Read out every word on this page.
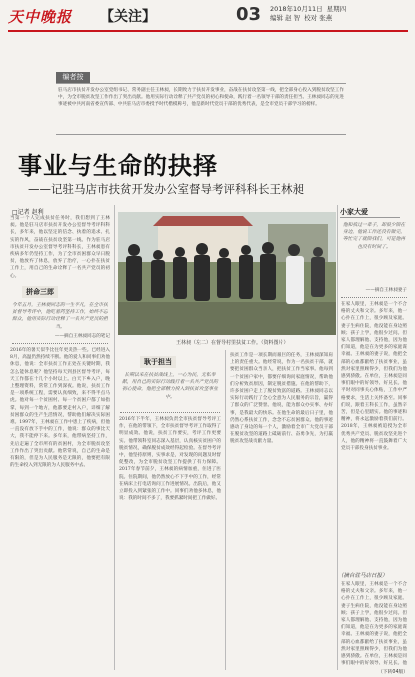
天中晚报 【关注】	03 2018年10月11日 星期四
编辑 赵 智 校对 张燕
编者按
驻马店市扶贫开发办公室党组书记、常务副主任王林昶，长期致力于扶贫开发事业，奋战在扶贫攻坚第一线，把全部身心投入到脱贫攻坚工作中，为全市脱贫攻坚工作作出了突出贡献。他用实际行动诠释了共产党员的初心和使命，践行着一名领导干部的责任担当。王林昶同志的先进事迹被中共河南省委宣传部、中共驻马店市委授予时代楷模称号，他是新时代党员干部的优秀代表，是全市党员干部学习的榜样。
事业与生命的抉择
——记驻马店市扶贫开发办公室督导考评科科长王林昶
□记者 赵利	小家大爱
当第一个人完成扶贫任务时，我们想到了王林昶。他是驻马店市扶贫开发办公室督导考评科科长，多年来，他以坚定的信念、执着的追求、扎实的作风，奋战在扶贫攻坚第一线。作为驻马店市扶贫开发办公室督导考评科科长，王林昶患有疾病多年仍坚持工作，为了全市贫困群众早日脱贫，他放弃了休息，放弃了治疗，一心扑在扶贫工作上，用自己的生命诠释了一名共产党员的初心。
拼命三郎
今年五月，王林昶同志的一生平凡，在全市扶贫督导考评中，他吃着药坚持工作，始终不忘群众，他用实际行动诠释了一名共产党员的担当。
——摘自王林昶同志的笔记
2016年的暑天似乎比往年更炎热一些。已经进入8月，高温仍然持续不断。他的爱人和同事们劝他休息，他说：全市扶贫工作正处在关键时期，我怎么能休息呢？他坚持每天到县区督导考评，每天工作都在十几个小时以上。白天下乡入户，晚上整理资料，常常工作到深夜。他说，扶贫工作是一项系统工程，需要认真细致，来不得半点马虎。他对每一个贫困村、每一个贫困户都了如指掌，每到一个地方，他都要走村入户，详细了解贫困群众的生产生活情况，帮助他们解决实际困难。1997年，王林昶在工作中患上了疾病，但他一直没有放下手中的工作，他说：群众的事比天大，我不能停下来。多年来，他带病坚持工作，先后走遍了全市所有的贫困村，为全市脱贫攻坚工作作出了突出贡献。他常常说，自己的生命是有限的，但是为人民服务是无限的，他要把有限的生命投入到无限的为人民服务中去。
王林昶（左二）在督导村里扶贫工作。（资料图片）
耿于担当
长期以来在扶贫战线上，一心为民，无私奉献，用自己的实际行动践行着一名共产党员的初心使命，他把全部精力投入到扶贫攻坚事业中。
2016年下半年，王林昶负责全市扶贫督导考评工作，在他的带领下，全市扶贫督导考评工作取得了明显成效。他说，扶贫工作要实，考评工作更要实。他带领科室同志深入基层，认真核实贫困户的脱贫情况，确保脱贫成效经得起检验。在督导考评中，他坚持原则，实事求是，对发现的问题及时督促整改，为全市脱贫攻坚工作提供了有力保障。2017年春节前夕，王林昶的病情加重，住进了医院。住院期间，他仍然放心不下手中的工作，经常在病床上打电话询问工作进展情况。出院后，他又立即投入到紧张的工作中。同事们劝他多休息，他说：我的时间不多了，我要抓紧时间把工作做好。
扶贫工作是一项长期而艰巨的任务，王林昶深知肩上的责任重大。他经常说，作为一名扶贫干部，就要把贫困群众当亲人，把扶贫工作当家事。他每到一个贫困户家中，都要仔细询问家庭情况，帮助他们分析致贫原因，制定脱贫措施。在他的帮助下，许多贫困户走上了脱贫致富的道路。王林昶同志以实际行动践行了全心全意为人民服务的宗旨，赢得了群众的广泛赞誉。他说，能为群众办实事、办好事，是我最大的快乐。在他生命的最后日子里，他仍然心系扶贫工作，念念不忘贫困群众。他的事迹感动了身边的每一个人，激励着全市广大党员干部在脱贫攻坚的道路上砥砺前行、奋勇争先，为打赢脱贫攻坚战贡献力量。
他和我过一辈子，却很少陪在身边，他说工作还没有做完，等忙完了就陪我们，可是他再也没有时间了。
——摘自王林昶妻子
在家人眼里，王林昶是一个不合格的丈夫和父亲。多年来，他一心扑在工作上，很少顾及家庭。妻子生病住院，他没能在身边照顾；孩子上学，他很少过问。但家人都理解他、支持他，因为他们知道，他是在为更多的家庭谋幸福。王林昶的妻子说，他把全部的心血都献给了扶贫事业，虽然对家里照顾得少，但我们为他感到骄傲。在单位，王林昶是同事们眼中的好领导、好兄长。他平时对同事关心体贴，工作中严格要求，生活上关怀备至。同事们说，跟着王科长工作，虽然辛苦，但是心里踏实。他的事迹和精神，将永远激励着我们前行。2018年，王林昶被追授为全市优秀共产党员、脱贫攻坚先进个人，他的精神将一直鼓舞着广大党员干部投身扶贫事业。
（摘自驻马店日报）
在家人眼里，王林昶是一个不合格的丈夫和父亲。多年来，他一心扑在工作上，很少顾及家庭。妻子生病住院，他没能在身边照顾；孩子上学，他很少过问。但家人都理解他、支持他，因为他们知道，他是在为更多的家庭谋幸福。王林昶的妻子说，他把全部的心血都献给了扶贫事业，虽然对家里照顾得少，但我们为他感到骄傲。在单位，王林昶是同事们眼中的好领导、好兄长。他
（下转04版）
